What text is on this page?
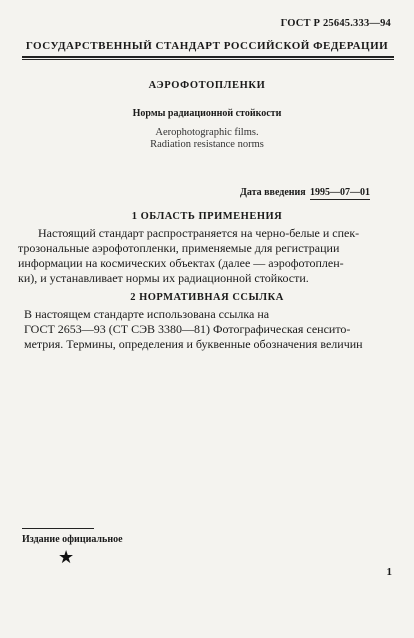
ГОСТ Р 25645.333—94
ГОСУДАРСТВЕННЫЙ СТАНДАРТ РОССИЙСКОЙ ФЕДЕРАЦИИ
АЭРОФОТОПЛЕНКИ
Нормы радиационной стойкости
Aerophotographic films.
Radiation resistance norms
Дата введения 1995—07—01
1 ОБЛАСТЬ ПРИМЕНЕНИЯ
Настоящий стандарт распространяется на черно-белые и спек-
трозональные аэрофотопленки, применяемые для регистрации
информации на космических объектах (далее — аэрофотоплен-
ки), и устанавливает нормы их радиационной стойкости.
2 НОРМАТИВНАЯ ССЫЛКА
В настоящем стандарте использована ссылка на
ГОСТ 2653—93 (СТ СЭВ 3380—81) Фотографическая сенсито-
метрия. Термины, определения и буквенные обозначения величин
Издание официальное
★
1
